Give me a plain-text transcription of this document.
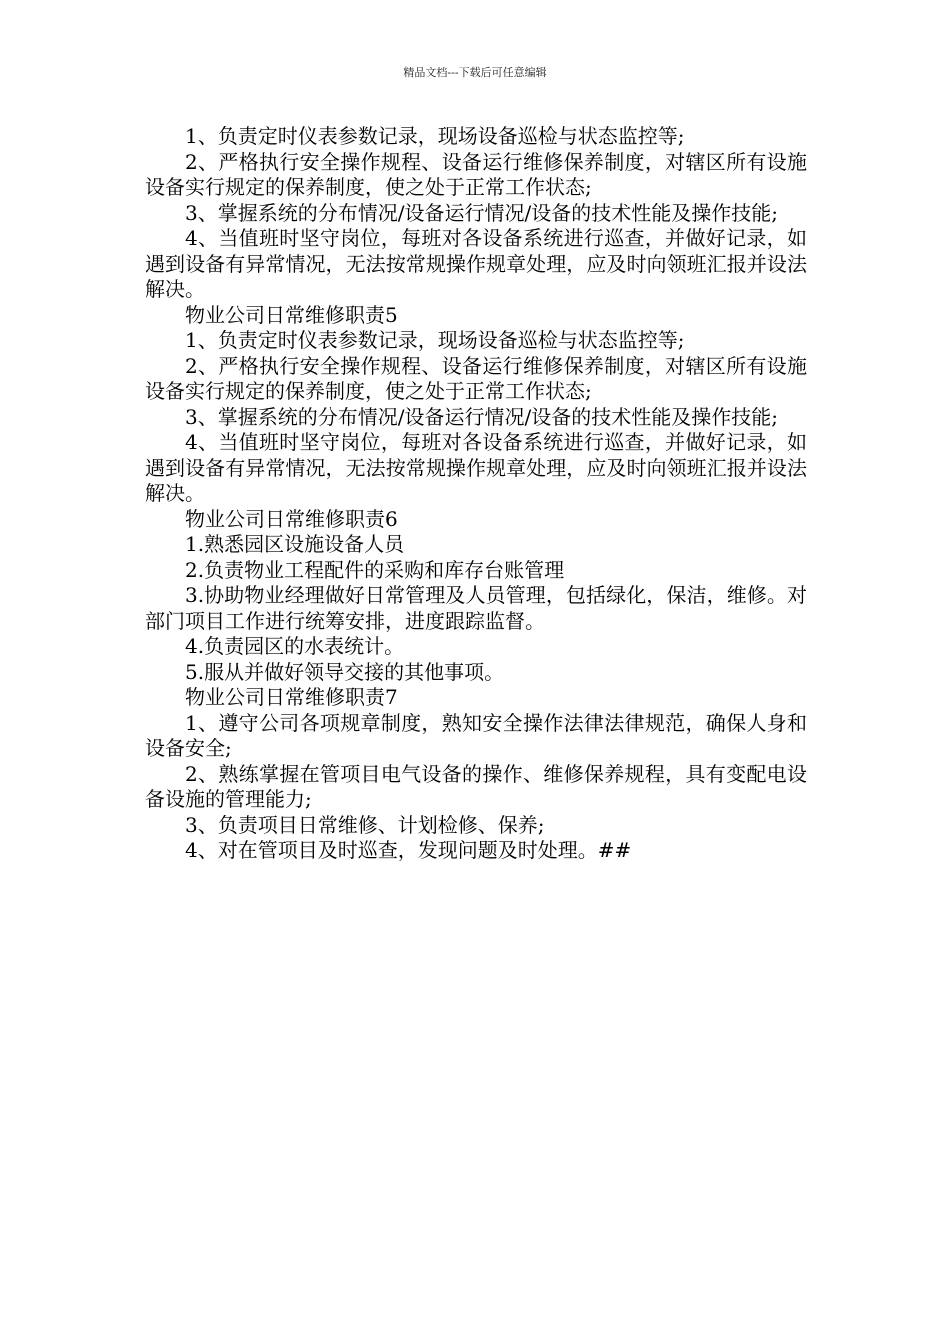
精品文档---下载后可任意编辑

1、负责定时仪表参数记录，现场设备巡检与状态监控等;

2、严格执行安全操作规程、设备运行维修保养制度，对辖区所有设施设备实行规定的保养制度，使之处于正常工作状态;

3、掌握系统的分布情况/设备运行情况/设备的技术性能及操作技能;

4、当值班时坚守岗位，每班对各设备系统进行巡查，并做好记录，如遇到设备有异常情况，无法按常规操作规章处理，应及时向领班汇报并设法解决。

物业公司日常维修职责5

1、负责定时仪表参数记录，现场设备巡检与状态监控等;

2、严格执行安全操作规程、设备运行维修保养制度，对辖区所有设施设备实行规定的保养制度，使之处于正常工作状态;

3、掌握系统的分布情况/设备运行情况/设备的技术性能及操作技能;

4、当值班时坚守岗位，每班对各设备系统进行巡查，并做好记录，如遇到设备有异常情况，无法按常规操作规章处理，应及时向领班汇报并设法解决。

物业公司日常维修职责6

1.熟悉园区设施设备人员

2.负责物业工程配件的采购和库存台账管理

3.协助物业经理做好日常管理及人员管理，包括绿化，保洁，维修。对部门项目工作进行统筹安排，进度跟踪监督。

4.负责园区的水表统计。

5.服从并做好领导交接的其他事项。

物业公司日常维修职责7

1、遵守公司各项规章制度，熟知安全操作法律法律规范，确保人身和设备安全;

2、熟练掌握在管项目电气设备的操作、维修保养规程，具有变配电设备设施的管理能力;

3、负责项目日常维修、计划检修、保养;

4、对在管项目及时巡查，发现问题及时处理。##
